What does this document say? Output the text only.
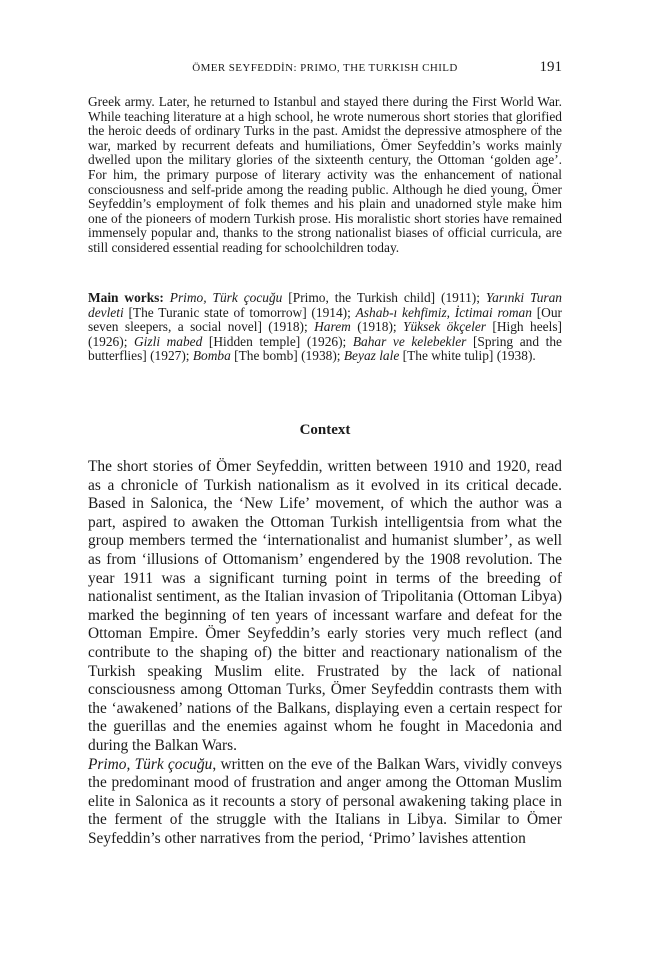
ÖMER SEYFEDDİN: PRIMO, THE TURKISH CHILD	191

Greek army. Later, he returned to Istanbul and stayed there during the First World War. While teaching literature at a high school, he wrote numerous short stories that glorified the heroic deeds of ordinary Turks in the past. Amidst the depressive atmosphere of the war, marked by recurrent defeats and humiliations, Ömer Seyfeddin’s works mainly dwelled upon the military glories of the sixteenth century, the Ottoman ‘golden age’. For him, the primary purpose of literary activity was the enhancement of national consciousness and self-pride among the reading public. Although he died young, Ömer Seyfeddin’s employment of folk themes and his plain and unadorned style make him one of the pioneers of modern Turkish prose. His moralistic short stories have remained immensely popular and, thanks to the strong nationalist biases of official curricula, are still considered essential reading for schoolchildren today.

Main works: Primo, Türk çocuğu [Primo, the Turkish child] (1911); Yarınki Turan devleti [The Turanic state of tomorrow] (1914); Ashab-ı kehfimiz, İctimai roman [Our seven sleepers, a social novel] (1918); Harem (1918); Yüksek ökçeler [High heels] (1926); Gizli mabed [Hidden temple] (1926); Bahar ve kelebekler [Spring and the butterflies] (1927); Bomba [The bomb] (1938); Beyaz lale [The white tulip] (1938).

Context

The short stories of Ömer Seyfeddin, written between 1910 and 1920, read as a chronicle of Turkish nationalism as it evolved in its critical decade. Based in Salonica, the ‘New Life’ movement, of which the author was a part, aspired to awaken the Ottoman Turkish intelligentsia from what the group members termed the ‘internationalist and humanist slumber’, as well as from ‘illusions of Ottomanism’ engendered by the 1908 revolution. The year 1911 was a significant turning point in terms of the breeding of nationalist sentiment, as the Italian invasion of Tripolitania (Ottoman Libya) marked the beginning of ten years of incessant warfare and defeat for the Ottoman Empire. Ömer Seyfeddin’s early stories very much reflect (and contribute to the shaping of) the bitter and reactionary nationalism of the Turkish speaking Muslim elite. Frustrated by the lack of national consciousness among Ottoman Turks, Ömer Seyfeddin contrasts them with the ‘awakened’ nations of the Balkans, displaying even a certain respect for the guerillas and the enemies against whom he fought in Macedonia and during the Balkan Wars.

Primo, Türk çocuğu, written on the eve of the Balkan Wars, vividly conveys the predominant mood of frustration and anger among the Ottoman Muslim elite in Salonica as it recounts a story of personal awakening taking place in the ferment of the struggle with the Italians in Libya. Similar to Ömer Seyfeddin’s other narratives from the period, ‘Primo’ lavishes attention
